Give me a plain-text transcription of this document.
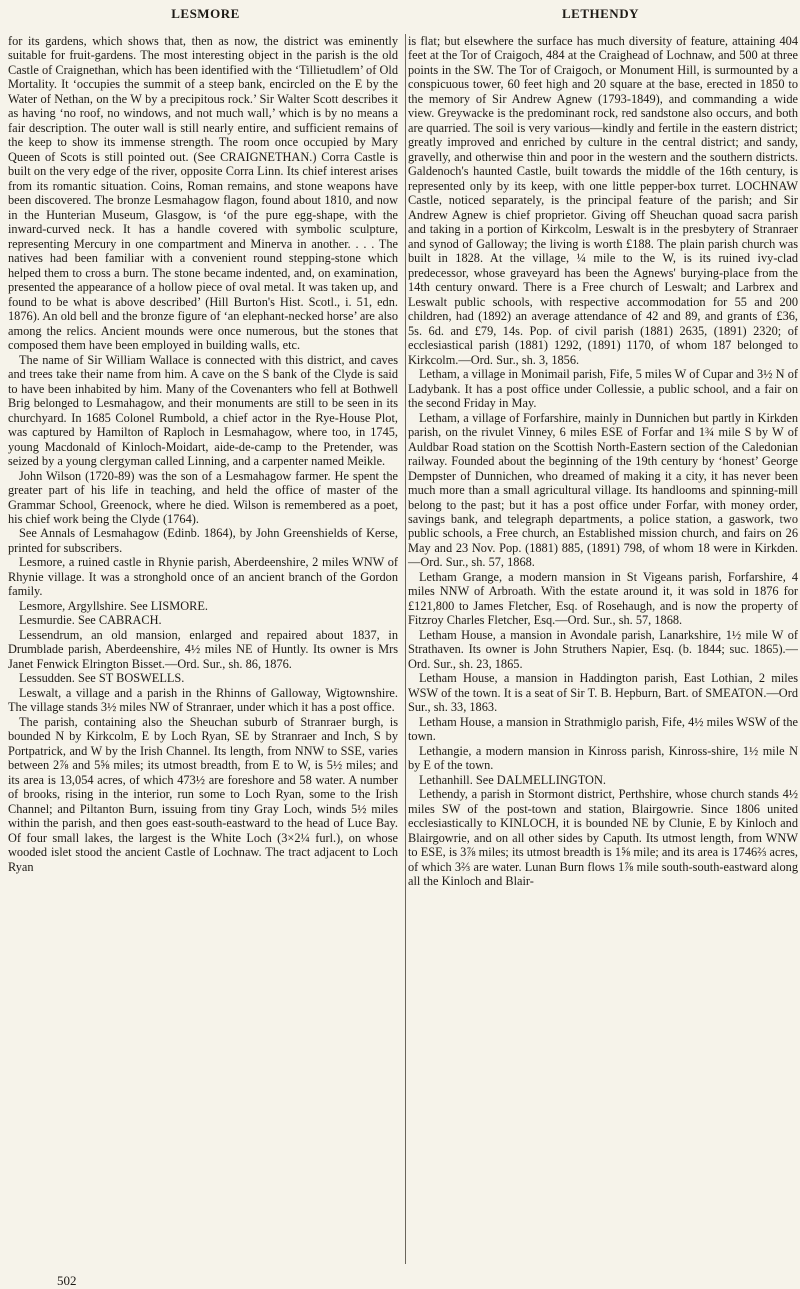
LESMORE	LETHENDY

for its gardens, which shows that, then as now, the district was eminently suitable for fruit-gardens. The most interesting object in the parish is the old Castle of Craignethan, which has been identified with the ‘Tillietudlem’ of Old Mortality. It ‘occupies the summit of a steep bank, encircled on the E by the Water of Nethan, on the W by a precipitous rock.’ Sir Walter Scott describes it as having ‘no roof, no windows, and not much wall,’ which is by no means a fair description. The outer wall is still nearly entire, and sufficient remains of the keep to show its immense strength. The room once occupied by Mary Queen of Scots is still pointed out. (See CRAIGNETHAN.) Corra Castle is built on the very edge of the river, opposite Corra Linn. Its chief interest arises from its romantic situation. Coins, Roman remains, and stone weapons have been discovered. The bronze Lesmahagow flagon, found about 1810, and now in the Hunterian Museum, Glasgow, is ‘of the pure egg-shape, with the inward-curved neck. It has a handle covered with symbolic sculpture, representing Mercury in one compartment and Minerva in another. . . . The natives had been familiar with a convenient round stepping-stone which helped them to cross a burn. The stone became indented, and, on examination, presented the appearance of a hollow piece of oval metal. It was taken up, and found to be what is above described’ (Hill Burton's Hist. Scotl., i. 51, edn. 1876). An old bell and the bronze figure of ‘an elephant-necked horse’ are also among the relics. Ancient mounds were once numerous, but the stones that composed them have been employed in building walls, etc.

The name of Sir William Wallace is connected with this district, and caves and trees take their name from him. A cave on the S bank of the Clyde is said to have been inhabited by him. Many of the Covenanters who fell at Bothwell Brig belonged to Lesmahagow, and their monuments are still to be seen in its churchyard. In 1685 Colonel Rumbold, a chief actor in the Rye-House Plot, was captured by Hamilton of Raploch in Lesmahagow, where too, in 1745, young Macdonald of Kinloch-Moidart, aide-de-camp to the Pretender, was seized by a young clergyman called Linning, and a carpenter named Meikle.

John Wilson (1720-89) was the son of a Lesmahagow farmer. He spent the greater part of his life in teaching, and held the office of master of the Grammar School, Greenock, where he died. Wilson is remembered as a poet, his chief work being the Clyde (1764).

See Annals of Lesmahagow (Edinb. 1864), by John Greenshields of Kerse, printed for subscribers.

Lesmore, a ruined castle in Rhynie parish, Aberdeenshire, 2 miles WNW of Rhynie village. It was a stronghold once of an ancient branch of the Gordon family.

Lesmore, Argyllshire. See LISMORE.

Lesmurdie. See CABRACH.

Lessendrum, an old mansion, enlarged and repaired about 1837, in Drumblade parish, Aberdeenshire, 4½ miles NE of Huntly. Its owner is Mrs Janet Fenwick Elrington Bisset.—Ord. Sur., sh. 86, 1876.

Lessudden. See ST BOSWELLS.

Leswalt, a village and a parish in the Rhinns of Galloway, Wigtownshire. The village stands 3½ miles NW of Stranraer, under which it has a post office.

The parish, containing also the Sheuchan suburb of Stranraer burgh, is bounded N by Kirkcolm, E by Loch Ryan, SE by Stranraer and Inch, S by Portpatrick, and W by the Irish Channel. Its length, from NNW to SSE, varies between 2⅞ and 5⅝ miles; its utmost breadth, from E to W, is 5½ miles; and its area is 13,054 acres, of which 473½ are foreshore and 58 water. A number of brooks, rising in the interior, run some to Loch Ryan, some to the Irish Channel; and Piltanton Burn, issuing from tiny Gray Loch, winds 5½ miles within the parish, and then goes east-south-eastward to the head of Luce Bay. Of four small lakes, the largest is the White Loch (3×2¼ furl.), on whose wooded islet stood the ancient Castle of Lochnaw. The tract adjacent to Loch Ryan

is flat; but elsewhere the surface has much diversity of feature, attaining 404 feet at the Tor of Craigoch, 484 at the Craighead of Lochnaw, and 500 at three points in the SW. The Tor of Craigoch, or Monument Hill, is surmounted by a conspicuous tower, 60 feet high and 20 square at the base, erected in 1850 to the memory of Sir Andrew Agnew (1793-1849), and commanding a wide view. Greywacke is the predominant rock, red sandstone also occurs, and both are quarried. The soil is very various—kindly and fertile in the eastern district; greatly improved and enriched by culture in the central district; and sandy, gravelly, and otherwise thin and poor in the western and the southern districts. Galdenoch's haunted Castle, built towards the middle of the 16th century, is represented only by its keep, with one little pepper-box turret. LOCHNAW Castle, noticed separately, is the principal feature of the parish; and Sir Andrew Agnew is chief proprietor. Giving off Sheuchan quoad sacra parish and taking in a portion of Kirkcolm, Leswalt is in the presbytery of Stranraer and synod of Galloway; the living is worth £188. The plain parish church was built in 1828. At the village, ¼ mile to the W, is its ruined ivy-clad predecessor, whose graveyard has been the Agnews' burying-place from the 14th century onward. There is a Free church of Leswalt; and Larbrex and Leswalt public schools, with respective accommodation for 55 and 200 children, had (1892) an average attendance of 42 and 89, and grants of £36, 5s. 6d. and £79, 14s. Pop. of civil parish (1881) 2635, (1891) 2320; of ecclesiastical parish (1881) 1292, (1891) 1170, of whom 187 belonged to Kirkcolm.—Ord. Sur., sh. 3, 1856.

Letham, a village in Monimail parish, Fife, 5 miles W of Cupar and 3½ N of Ladybank. It has a post office under Collessie, a public school, and a fair on the second Friday in May.

Letham, a village of Forfarshire, mainly in Dunnichen but partly in Kirkden parish, on the rivulet Vinney, 6 miles ESE of Forfar and 1¾ mile S by W of Auldbar Road station on the Scottish North-Eastern section of the Caledonian railway. Founded about the beginning of the 19th century by ‘honest’ George Dempster of Dunnichen, who dreamed of making it a city, it has never been much more than a small agricultural village. Its handlooms and spinning-mill belong to the past; but it has a post office under Forfar, with money order, savings bank, and telegraph departments, a police station, a gaswork, two public schools, a Free church, an Established mission church, and fairs on 26 May and 23 Nov. Pop. (1881) 885, (1891) 798, of whom 18 were in Kirkden.—Ord. Sur., sh. 57, 1868.

Letham Grange, a modern mansion in St Vigeans parish, Forfarshire, 4 miles NNW of Arbroath. With the estate around it, it was sold in 1876 for £121,800 to James Fletcher, Esq. of Rosehaugh, and is now the property of Fitzroy Charles Fletcher, Esq.—Ord. Sur., sh. 57, 1868.

Letham House, a mansion in Avondale parish, Lanarkshire, 1½ mile W of Strathaven. Its owner is John Struthers Napier, Esq. (b. 1844; suc. 1865).—Ord. Sur., sh. 23, 1865.

Letham House, a mansion in Haddington parish, East Lothian, 2 miles WSW of the town. It is a seat of Sir T. B. Hepburn, Bart. of SMEATON.—Ord Sur., sh. 33, 1863.

Letham House, a mansion in Strathmiglo parish, Fife, 4½ miles WSW of the town.

Lethangie, a modern mansion in Kinross parish, Kinross-shire, 1½ mile N by E of the town.

Lethanhill. See DALMELLINGTON.

Lethendy, a parish in Stormont district, Perthshire, whose church stands 4½ miles SW of the post-town and station, Blairgowrie. Since 1806 united ecclesiastically to KINLOCH, it is bounded NE by Clunie, E by Kinloch and Blairgowrie, and on all other sides by Caputh. Its utmost length, from WNW to ESE, is 3⅞ miles; its utmost breadth is 1⅝ mile; and its area is 1746⅔ acres, of which 3⅔ are water. Lunan Burn flows 1⅞ mile south-south-eastward along all the Kinloch and Blair-

502
